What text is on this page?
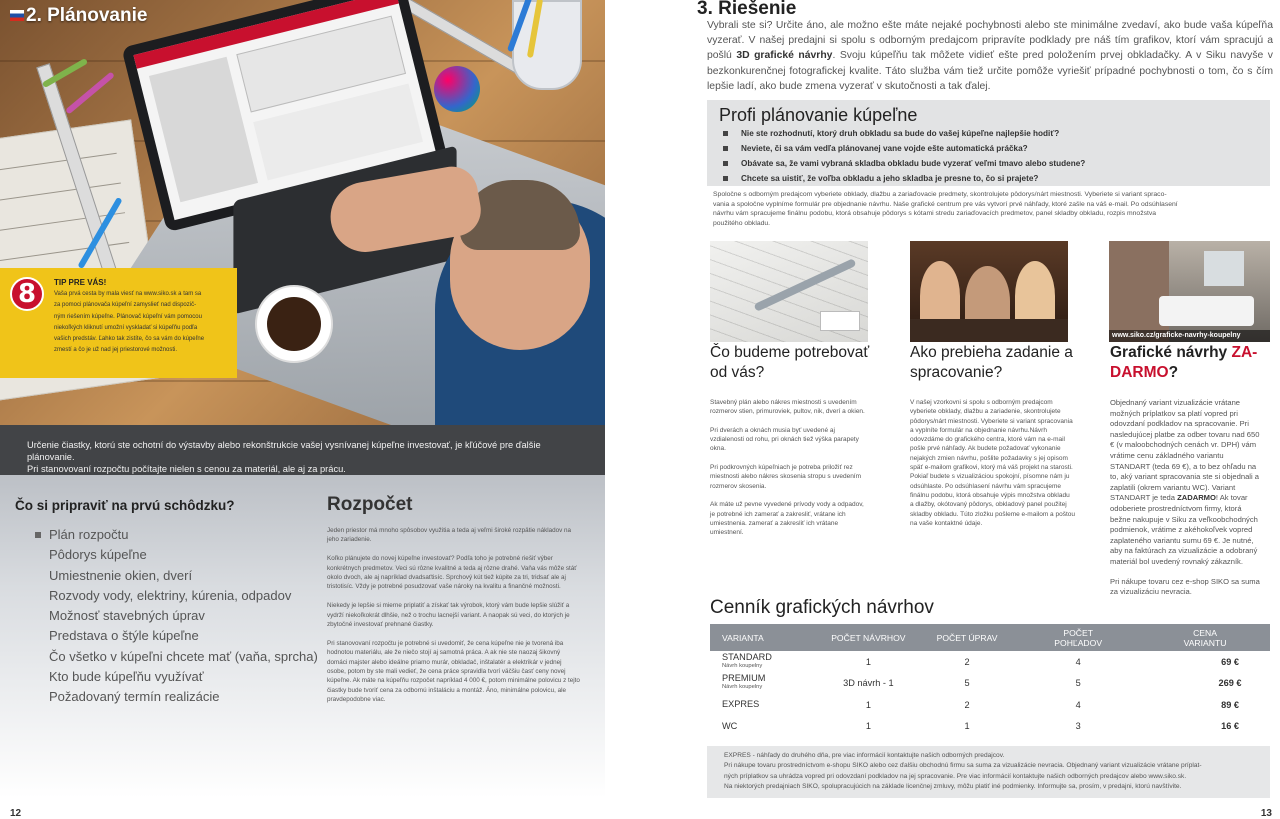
2. Plánovanie
8	TIP PRE VÁS!
Vaša prvá cesta by mala viesť na www.siko.sk a tam sa
za pomoci plánovača kúpeľní zamyslieť nad dispozič-
ným riešením kúpeľne. Plánovač kúpeľní vám pomocou
niekoľkých kliknutí umožní vyskladať si kúpeľňu podľa
vašich predstáv. Ľahko tak zistíte, čo sa vám do kúpeľne
zmestí a čo je už nad jej priestorové možnosti.

Určenie čiastky, ktorú ste ochotní do výstavby alebo rekonštrukcie vašej vysnívanej kúpeľne investovať, je kľúčové pre ďalšie plánovanie.
Pri stanovovaní rozpočtu počítajte nielen s cenou za materiál, ale aj za prácu.

Čo si pripraviť na prvú schôdzku?
Plán rozpočtu
Pôdorys kúpeľne
Umiestnenie okien, dverí
Rozvody vody, elektriny, kúrenia, odpadov
Možnosť stavebných úprav
Predstava o štýle kúpeľne
Čo všetko v kúpeľni chcete mať (vaňa, sprcha)
Kto bude kúpeľňu využívať
Požadovaný termín realizácie
Rozpočet

Jeden priestor má mnoho spôsobov využitia a teda aj veľmi široké rozpätie nákladov na jeho zariadenie.

Koľko plánujete do novej kúpeľne investovať? Podľa toho je potrebné riešiť výber konkrétnych predmetov. Veci sú rôzne kvalitné a teda aj rôzne drahé. Vaňa vás môže stáť okolo dvoch, ale aj napríklad dvadsaťtisíc. Sprchový kút tiež kúpite za tri, tridsať ale aj tristotisíc. Vždy je potrebné posudzovať vaše nároky na kvalitu a finančné možnosti.

Niekedy je lepšie si mierne priplatiť a získať tak výrobok, ktorý vám bude lepšie slúžiť a vydrží niekoľkokrát dlhšie, než o trochu lacnejší variant. A naopak sú veci, do ktorých je zbytočné investovať prehnané čiastky.

Pri stanovovaní rozpočtu je potrebné si uvedomiť, že cena kúpeľne nie je tvorená iba hodnotou materiálu, ale že niečo stojí aj samotná práca. A ak nie ste naozaj šikovný domáci majster alebo ideálne priamo murár, obkladač, inštalatér a elektrikár v jednej osobe, potom by ste mali vedieť, že cena práce spravidla tvorí väčšiu časť ceny novej kúpeľne. Ak máte na kúpeľňu rozpočet napríklad 4 000 €, potom minimálne polovicu z tejto čiastky bude tvoriť cena za odbornú inštaláciu a montáž. Áno, minimálne polovicu, ale pravdepodobne viac.

12
3. Riešenie
Vybrali ste si? Určite áno, ale možno ešte máte nejaké pochybnosti alebo ste minimálne zvedaví, ako bude vaša kúpeľňa vyzerať. V našej predajni si spolu s odborným predajcom pripravíte podklady pre náš tím grafikov, ktorí vám spracujú a pošlú 3D grafické návrhy. Svoju kúpeľňu tak môžete vidieť ešte pred položením prvej obkladačky. A v Siku navyše v bezkonkurenčnej fotografickej kvalite. Táto služba vám tiež určite pomôže vyriešiť prípadné pochybnosti o tom, čo s čím lepšie ladí, ako bude zmena vyzerať v skutočnosti a tak ďalej.
Profi plánovanie kúpeľne
Nie ste rozhodnutí, ktorý druh obkladu sa bude do vašej kúpeľne najlepšie hodiť?
Neviete, či sa vám vedľa plánovanej vane vojde ešte automatická práčka?
Obávate sa, že vami vybraná skladba obkladu bude vyzerať veľmi tmavo alebo studene?
Chcete sa uistiť, že voľba obkladu a jeho skladba je presne to, čo si prajete?
Spoločne s odborným predajcom vyberiete obklady, dlažbu a zariaďovacie predmety, skontrolujete pôdorys/nárt miestnosti. Vyberiete si variant spraco-
vania a spoločne vyplníme formulár pre objednanie návrhu. Naše grafické centrum pre vás vytvorí prvé náhľady, ktoré zašle na váš e-mail. Po odsúhlasení
návrhu vám spracujeme finálnu podobu, ktorá obsahuje pôdorys s kótami stredu zariaďovacích predmetov, panel skladby obkladu, rozpis množstva
použitého obkladu.
www.siko.cz/graficke-navrhy-koupelny
Čo budeme potrebovať od vás?
Ako prebieha zadanie a spracovanie?
Grafické návrhy ZA-
DARMO?

Stavebný plán alebo nákres miestnosti s uvedením rozmerov stien, primuroviek, pultov, nik, dverí a okien.

Pri dverách a oknách musia byť uvedené aj vzdialenosti od rohu, pri oknách tiež výška parapety okna.

Pri podkrovných kúpeľniach je potreba priložiť rez miestnosti alebo nákres skosenia stropu s uvedením rozmerov skosenia.

Ak máte už pevne vyvedené prívody vody a odpadov, je potrebné ich zamerať a zakresliť, vrátane ich umiestnenia. zamerať a zakresliť ich vrátane umiestnení.

V našej vzorkovni si spolu s odborným predajcom vyberiete obklady, dlažbu a zariadenie, skontrolujete pôdorys/nárt miestnosti. Vyberiete si variant spracovania a vyplníte formulár na objednanie návrhu.Návrh odovzdáme do grafického centra, ktoré vám na e-mail pošle prvé náhľady. Ak budete požadovať vykonanie nejakých zmien návrhu, pošlite požadavky s jej opisom späť e-mailom grafikovi, ktorý má váš projekt na starosti. Pokiaľ budete s vizualizáciou spokojní, písomne nám ju odsúhlaste. Po odsúhlasení návrhu vám spracujeme finálnu podobu, ktorá obsahuje výpis množstva obkladu a dlažby, okótovaný pôdorys, obkladový panel použitej skladby obkladu. Túto zložku pošleme e-mailom a poštou na vaše kontaktné údaje.

Objednaný variant vizualizácie vrátane možných príplatkov sa platí vopred pri odovzdaní podkladov na spracovanie. Pri nasledujúcej platbe za odber tovaru nad 650 € (v maloobchodných cenách vr. DPH) vám vrátime cenu základného variantu STANDART (teda 69 €), a to bez ohľadu na to, aký variant spracovania ste si objednali a zaplatili (okrem variantu WC). Variant STANDART je teda ZADARMO! Ak tovar odoberiete prostredníctvom firmy, ktorá bežne nakupuje v Siku za veľkoobchodných podmienok, vrátime z akéhokoľvek vopred zaplateného variantu sumu 69 €. Je nutné, aby na faktúrach za vizualizácie a odobraný materiál bol uvedený rovnaký zákazník.

Pri nákupe tovaru cez e-shop SIKO sa suma za vizualizáciu nevracia.

Cenník grafických návrhov
VARIANTA	POČET NÁVRHOV	POČET ÚPRAV	POČET POHĽADOV	CENA VARIANTU
STANDARD
Návrh koupelny	1	2	4	69 €
PREMIUM
Návrh koupelny	3D návrh - 1	5	5	269 €
EXPRES	1	2	4	89 €
WC	1	1	3	16 €
EXPRES - náhľady do druhého dňa, pre viac informácií kontaktujte našich odborných predajcov.
Pri nákupe tovaru prostredníctvom e-shopu SIKO alebo cez ďalšiu obchodnú firmu sa suma za vizualizácie nevracia. Objednaný variant vizualizácie vrátane príplat-
ných príplatkov sa uhrádza vopred pri odovzdaní podkladov na jej spracovanie. Pre viac informácií kontaktujte našich odborných predajcov alebo www.siko.sk.
Na niektorých predajniach SIKO, spolupracujúcich na základe licenčnej zmluvy, môžu platiť iné podmienky. Informujte sa, prosím, v predajni, ktorú navštívite.
13
